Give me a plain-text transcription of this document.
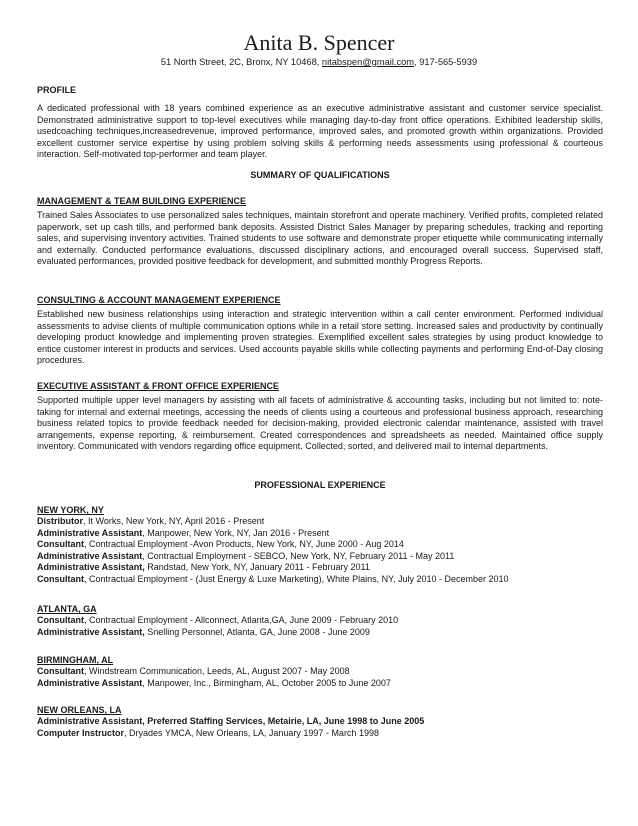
Anita B. Spencer
51 North Street, 2C, Bronx, NY 10468, nitabspen@gmail.com, 917-565-5939
PROFILE
A dedicated professional with 18 years combined experience as an executive administrative assistant and customer service specialist. Demonstrated administrative support to top-level executives while managing day-to-day front office operations. Exhibited leadership skills, usedcoaching techniques,increasedrevenue, improved performance, improved sales, and promoted growth within organizations. Provided excellent customer service expertise by using problem solving skills & performing needs assessments using professional & courteous interaction. Self-motivated top-performer and team player.
SUMMARY OF QUALIFICATIONS
MANAGEMENT & TEAM BUILDING EXPERIENCE
Trained Sales Associates to use personalized sales techniques, maintain storefront and operate machinery. Verified profits, completed related paperwork, set up cash tills, and performed bank deposits. Assisted District Sales Manager by preparing schedules, tracking and reporting sales, and supervising inventory activities. Trained students to use software and demonstrate proper etiquette while communicating internally and externally. Conducted performance evaluations, discussed disciplinary actions, and encouraged overall success. Supervised staff, evaluated performances, provided positive feedback for development, and submitted monthly Progress Reports.
CONSULTING & ACCOUNT MANAGEMENT EXPERIENCE
Established new business relationships using interaction and strategic intervention within a call center environment. Performed individual assessments to advise clients of multiple communication options while in a retail store setting. Increased sales and productivity by continually developing product knowledge and implementing proven strategies. Exemplified excellent sales strategies by using product knowledge to entice customer interest in products and services. Used accounts payable skills while collecting payments and performing End-of-Day closing procedures.
EXECUTIVE ASSISTANT & FRONT OFFICE EXPERIENCE
Supported multiple upper level managers by assisting with all facets of administrative & accounting tasks, including but not limited to: note-taking for internal and external meetings, accessing the needs of clients using a courteous and professional business approach, researching business related topics to provide feedback needed for decision-making, provided electronic calendar maintenance, assisted with travel arrangements, expense reporting, & reimbursement. Created correspondences and spreadsheets as needed. Maintained office supply inventory. Communicated with vendors regarding office equipment. Collected, sorted, and delivered mail to internal departments.
PROFESSIONAL EXPERIENCE
NEW YORK, NY
Distributor, It Works, New York, NY, April 2016 - Present
Administrative Assistant, Manpower, New York, NY, Jan 2016 - Present
Consultant, Contractual Employment -Avon Products, New York, NY, June 2000 - Aug 2014
Administrative Assistant, Contractual Employment - SEBCO, New York, NY, February 2011 - May 2011
Administrative Assistant, Randstad, New York, NY, January 2011 - February 2011
Consultant, Contractual Employment - (Just Energy & Luxe Marketing), White Plains, NY, July 2010 - December 2010
ATLANTA, GA
Consultant, Contractual Employment - Allconnect, Atlanta,GA, June 2009 - February 2010
Administrative Assistant, Snelling Personnel, Atlanta, GA, June 2008 - June 2009
BIRMINGHAM, AL
Consultant, Windstream Communication, Leeds, AL, August 2007 - May 2008
Administrative Assistant, Manpower, Inc., Birmingham, AL, October 2005 to June 2007
NEW ORLEANS, LA
Administrative Assistant, Preferred Staffing Services, Metairie, LA, June 1998 to June 2005
Computer Instructor, Dryades YMCA, New Orleans, LA, January 1997 - March 1998
